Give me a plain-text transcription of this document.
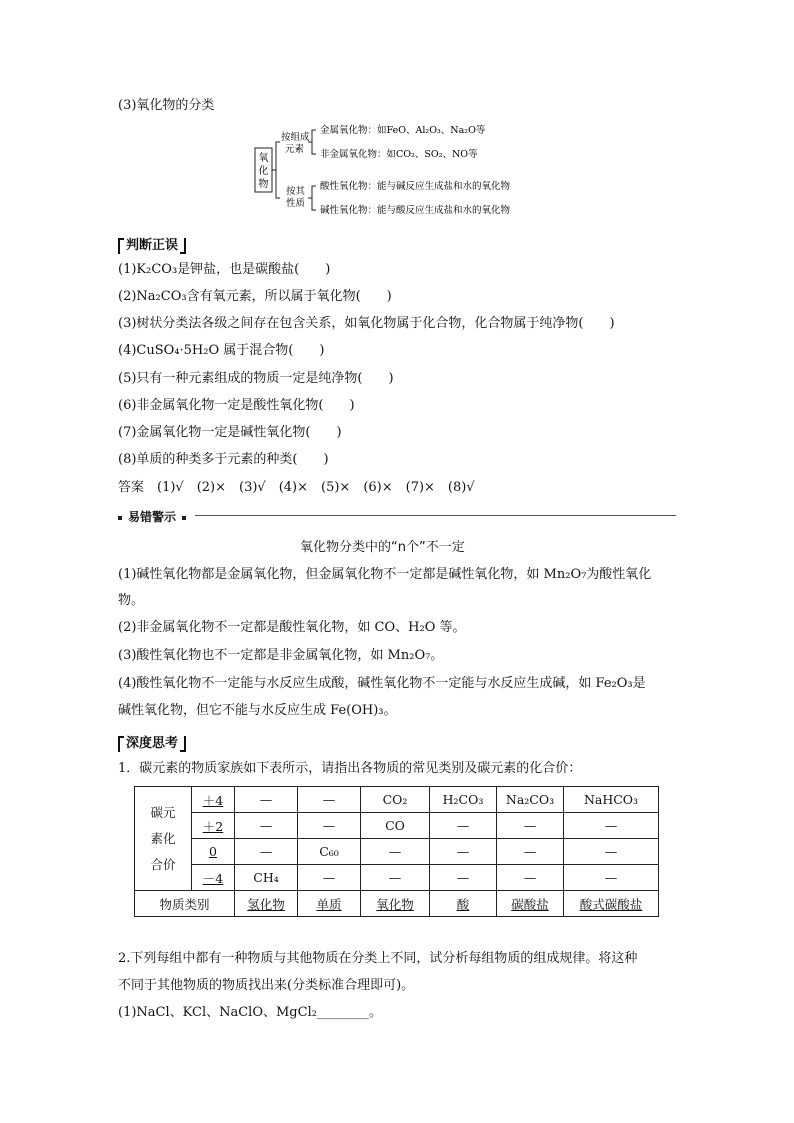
(3)氧化物的分类
氧
化
物
按组成
元素
金属氧化物：如FeO、Al₂O₃、Na₂O等
非金属氧化物：如CO₂、SO₂、NO等
按其
性质
酸性氧化物：能与碱反应生成盐和水的氧化物
碱性氧化物：能与酸反应生成盐和水的氧化物
判断正误
(1)K₂CO₃是钾盐，也是碳酸盐(　　)
(2)Na₂CO₃含有氧元素，所以属于氧化物(　　)
(3)树状分类法各级之间存在包含关系，如氧化物属于化合物，化合物属于纯净物(　　)
(4)CuSO₄·5H₂O 属于混合物(　　)
(5)只有一种元素组成的物质一定是纯净物(　　)
(6)非金属氧化物一定是酸性氧化物(　　)
(7)金属氧化物一定是碱性氧化物(　　)
(8)单质的种类多于元素的种类(　　)
答案　(1)√　(2)×　(3)√　(4)×　(5)×　(6)×　(7)×　(8)√
易错警示
氧化物分类中的“n个”不一定
(1)碱性氧化物都是金属氧化物，但金属氧化物不一定都是碱性氧化物，如 Mn₂O₇为酸性氧化
物。
(2)非金属氧化物不一定都是酸性氧化物，如 CO、H₂O 等。
(3)酸性氧化物也不一定都是非金属氧化物，如 Mn₂O₇。
(4)酸性氧化物不一定能与水反应生成酸，碱性氧化物不一定能与水反应生成碱，如 Fe₂O₃是
碱性氧化物，但它不能与水反应生成 Fe(OH)₃。
深度思考
1．碳元素的物质家族如下表所示，请指出各物质的常见类别及碳元素的化合价：
碳元
素化
合价	＋4	—	—	CO₂	H₂CO₃	Na₂CO₃	NaHCO₃
	＋2	—	—	CO	—	—	—
	0	—	C₆₀	—	—	—	—
	－4	CH₄	—	—	—	—	—
物质类别		氢化物	单质	氧化物	酸	碳酸盐	酸式碳酸盐
2.下列每组中都有一种物质与其他物质在分类上不同，试分析每组物质的组成规律。将这种
不同于其他物质的物质找出来(分类标准合理即可)。
(1)NaCl、KCl、NaClO、MgCl₂________。
